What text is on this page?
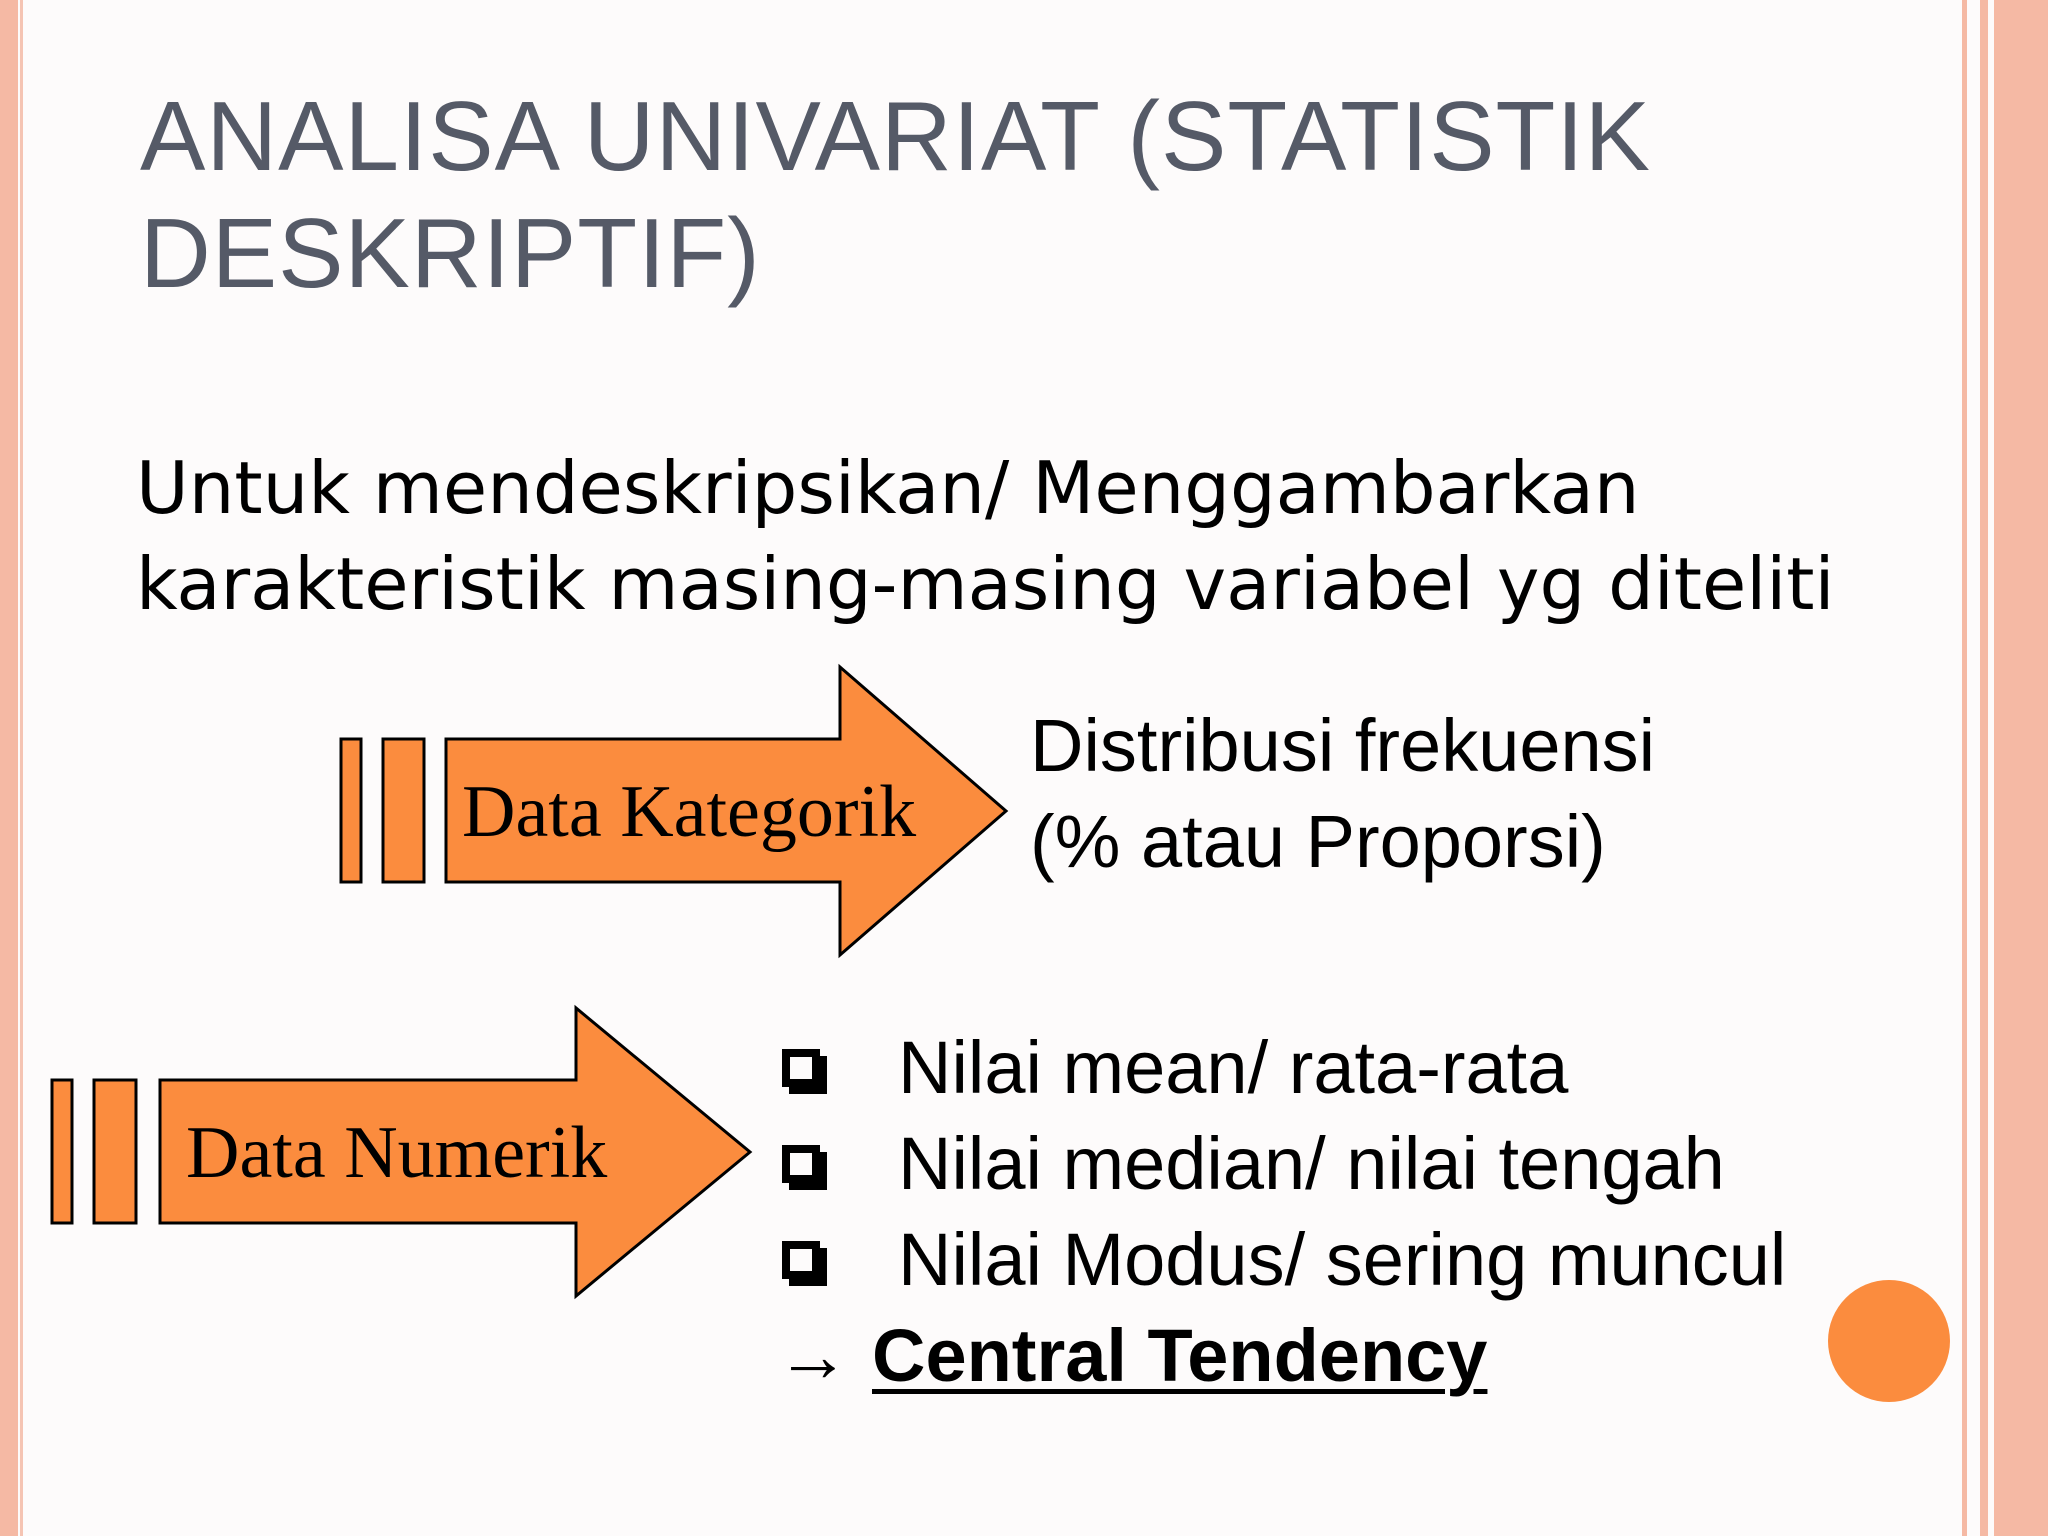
ANALISA UNIVARIAT (STATISTIK
DESKRIPTIF)
Untuk mendeskripsikan/ Menggambarkan
karakteristik masing-masing variabel yg diteliti
Data Kategorik
Data Numerik
Distribusi frekuensi
(% atau Proporsi)
Nilai mean/ rata-rata
Nilai median/ nilai tengah
Nilai Modus/ sering muncul
→ Central Tendency
